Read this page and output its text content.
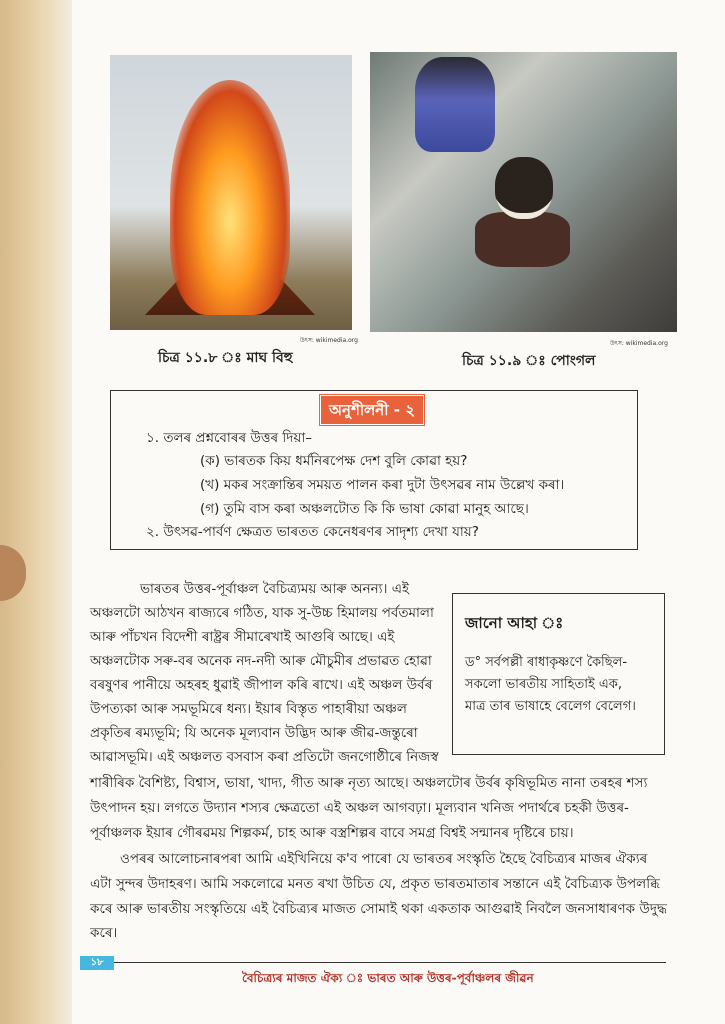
উৎস: wikimedia.org
চিত্ৰ ১১.৮ ঃ মাঘ বিহু
উৎস: wikimedia.org
চিত্ৰ ১১.৯ ঃ পোংগল
অনুশীলনী - ২
১. তলৰ প্ৰশ্নবোৰৰ উত্তৰ দিয়া–
(ক) ভাৰতক কিয় ধৰ্মনিৰপেক্ষ দেশ বুলি কোৱা হয়?
(খ) মকৰ সংক্ৰান্তিৰ সময়ত পালন কৰা দুটা উৎসৱৰ নাম উল্লেখ কৰা।
(গ) তুমি বাস কৰা অঞ্চলটোত কি কি ভাষা কোৱা মানুহ আছে।
২. উৎসৱ-পাৰ্বণ ক্ষেত্ৰত ভাৰতত কেনেধৰণৰ সাদৃশ্য দেখা যায়?
জানো আহা ঃ
ড° সৰ্বপল্লী ৰাধাকৃষ্ণণে কৈছিল-
সকলো ভাৰতীয় সাহিতাই এক,
মাত্ৰ তাৰ ভাষাহে বেলেগ বেলেগ।
ভাৰতৰ উত্তৰ-পূৰ্বাঞ্চল বৈচিত্ৰ্যময় আৰু অনন্য। এই
অঞ্চলটো আঠখন ৰাজ্যৰে গঠিত, যাক সু-উচ্চ হিমালয় পৰ্বতমালা
আৰু পাঁচখন বিদেশী ৰাষ্ট্ৰৰ সীমাৰেখাই আগুৰি আছে। এই
অঞ্চলটোক সৰু-বৰ অনেক নদ-নদী আৰু মৌচুমীৰ প্ৰভাৱত হোৱা
বৰষুণৰ পানীয়ে অহৰহ ধুৱাই জীপাল কৰি ৰাখে। এই অঞ্চল উৰ্বৰ
উপত্যকা আৰু সমভূমিৰে ধন্য। ইয়াৰ বিস্তৃত পাহাৰীয়া অঞ্চল
প্ৰকৃতিৰ ৰম্যভূমি; যি অনেক মূল্যবান উদ্ভিদ আৰু জীৱ-জন্তুৰো
আৱাসভূমি। এই অঞ্চলত বসবাস কৰা প্ৰতিটো জনগোষ্ঠীৰে নিজস্ব
শাৰীৰিক বৈশিষ্ট্য, বিশ্বাস, ভাষা, খাদ্য, গীত আৰু নৃত্য আছে। অঞ্চলটোৰ উৰ্বৰ কৃষিভূমিত নানা তৰহৰ শস্য
উৎপাদন হয়। লগতে উদ্যান শস্যৰ ক্ষেত্ৰতো এই অঞ্চল আগবঢ়া। মূল্যবান খনিজ পদাৰ্থৰে চহকী উত্তৰ-
পূৰ্বাঞ্চলক ইয়াৰ গৌৰৱময় শিল্পকৰ্ম, চাহ আৰু বস্ত্ৰশিল্পৰ বাবে সমগ্ৰ বিশ্বই সন্মানৰ দৃষ্টিৰে চায়।
ওপৰৰ আলোচনাৰপৰা আমি এইখিনিয়ে ক'ব পাৰো যে ভাৰতৰ সংস্কৃতি হৈছে বৈচিত্ৰ্যৰ মাজৰ ঐক্যৰ
এটা সুন্দৰ উদাহৰণ। আমি সকলোৱে মনত ৰখা উচিত যে, প্ৰকৃত ভাৰতমাতাৰ সন্তানে এই বৈচিত্ৰ্যক উপলব্ধি
কৰে আৰু ভাৰতীয় সংস্কৃতিয়ে এই বৈচিত্ৰ্যৰ মাজত সোমাই থকা একতাক আগুৱাই নিবলৈ জনসাধাৰণক উদুদ্ধ
কৰে।
১৮
বৈচিত্ৰ্যৰ মাজত ঐক্য ঃ ভাৰত আৰু উত্তৰ-পূৰ্বাঞ্চলৰ জীৱন
